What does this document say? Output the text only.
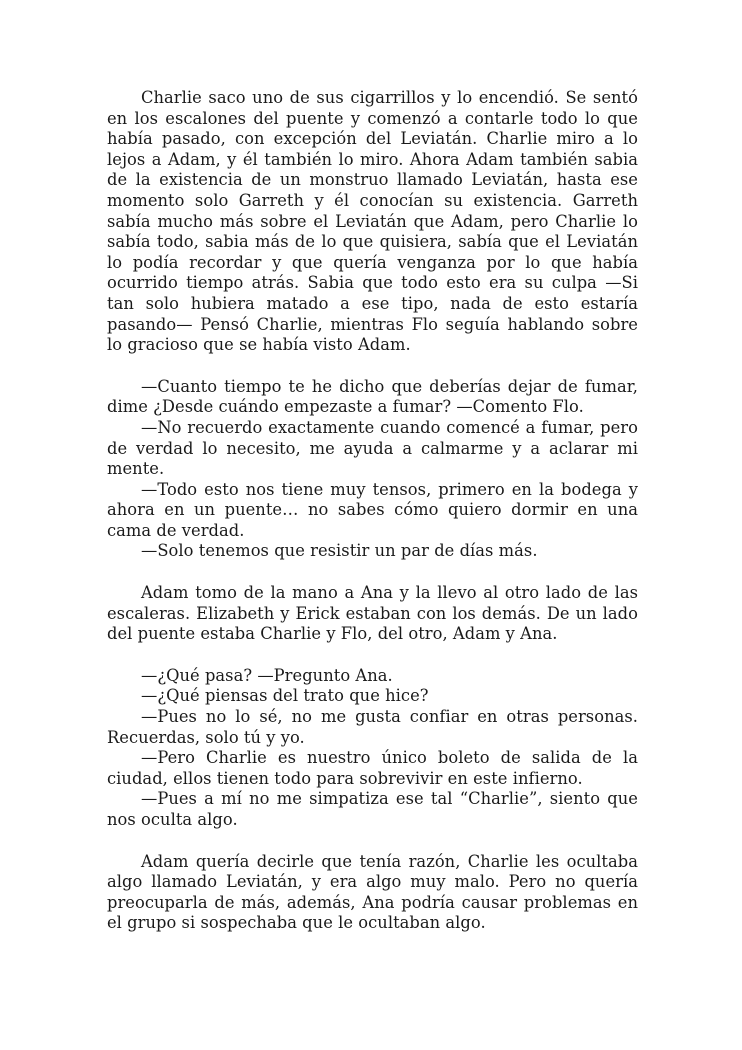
Charlie saco uno de sus cigarrillos y lo encendió. Se sentó en los escalones del puente y comenzó a contarle todo lo que había pasado, con excepción del Leviatán. Charlie miro a lo lejos a Adam, y él también lo miro. Ahora Adam también sabia de la existencia de un monstruo llamado Leviatán, hasta ese momento solo Garreth y él conocían su existencia. Garreth sabía mucho más sobre el Leviatán que Adam, pero Charlie lo sabía todo, sabia más de lo que quisiera, sabía que el Leviatán lo podía recordar y que quería venganza por lo que había ocurrido tiempo atrás. Sabia que todo esto era su culpa —Si tan solo hubiera matado a ese tipo, nada de esto estaría pasando— Pensó Charlie, mientras Flo seguía hablando sobre lo gracioso que se había visto Adam.

—Cuanto tiempo te he dicho que deberías dejar de fumar, dime ¿Desde cuándo empezaste a fumar? —Comento Flo.

—No recuerdo exactamente cuando comencé a fumar, pero de verdad lo necesito, me ayuda a calmarme y a aclarar mi mente.

—Todo esto nos tiene muy tensos, primero en la bodega y ahora en un puente… no sabes cómo quiero dormir en una cama de verdad.

—Solo tenemos que resistir un par de días más.

Adam tomo de la mano a Ana y la llevo al otro lado de las escaleras. Elizabeth y Erick estaban con los demás. De un lado del puente estaba Charlie y Flo, del otro, Adam y Ana.

—¿Qué pasa? —Pregunto Ana.

—¿Qué piensas del trato que hice?

—Pues no lo sé, no me gusta confiar en otras personas. Recuerdas, solo tú y yo.

—Pero Charlie es nuestro único boleto de salida de la ciudad, ellos tienen todo para sobrevivir en este infierno.

—Pues a mí no me simpatiza ese tal “Charlie”, siento que nos oculta algo.

Adam quería decirle que tenía razón, Charlie les ocultaba algo llamado Leviatán, y era algo muy malo. Pero no quería preocuparla de más, además, Ana podría causar problemas en el grupo si sospechaba que le ocultaban algo.
